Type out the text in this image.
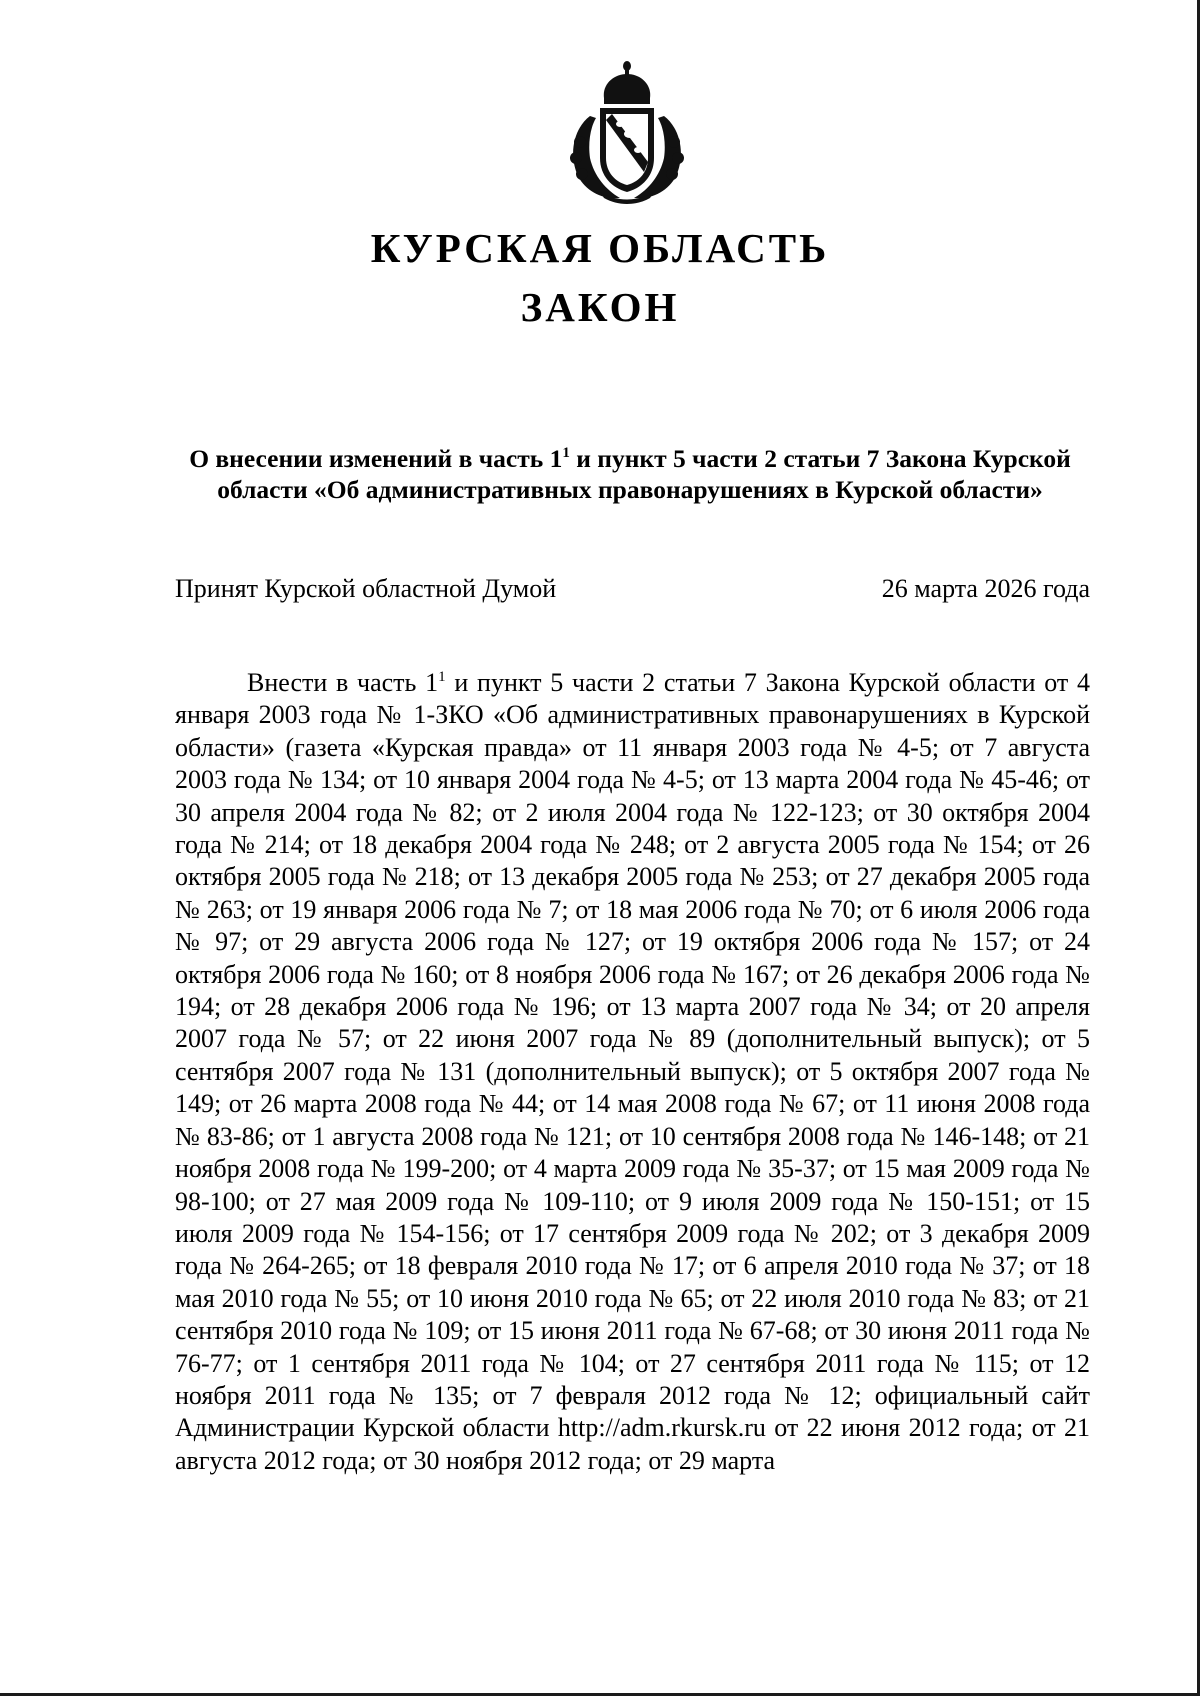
КУРСКАЯ ОБЛАСТЬ
ЗАКОН
О внесении изменений в часть $1^1$ и пункт 5 части 2 статьи 7 Закона Курской области «Об административных правонарушениях в Курской области»
Принят Курской областной Думой	26 марта 2026 года

Внести в часть $1^1$ и пункт 5 части 2 статьи 7 Закона Курской области от 4 января 2003 года № 1-ЗКО «Об административных правонарушениях в Курской области» (газета «Курская правда» от 11 января 2003 года № 4-5; от 7 августа 2003 года № 134; от 10 января 2004 года № 4-5; от 13 марта 2004 года № 45-46; от 30 апреля 2004 года № 82; от 2 июля 2004 года № 122-123; от 30 октября 2004 года № 214; от 18 декабря 2004 года № 248; от 2 августа 2005 года № 154; от 26 октября 2005 года № 218; от 13 декабря 2005 года № 253; от 27 декабря 2005 года № 263; от 19 января 2006 года № 7; от 18 мая 2006 года № 70; от 6 июля 2006 года № 97; от 29 августа 2006 года № 127; от 19 октября 2006 года № 157; от 24 октября 2006 года № 160; от 8 ноября 2006 года № 167; от 26 декабря 2006 года № 194; от 28 декабря 2006 года № 196; от 13 марта 2007 года № 34; от 20 апреля 2007 года № 57; от 22 июня 2007 года № 89 (дополнительный выпуск); от 5 сентября 2007 года № 131 (дополнительный выпуск); от 5 октября 2007 года № 149; от 26 марта 2008 года № 44; от 14 мая 2008 года № 67; от 11 июня 2008 года № 83-86; от 1 августа 2008 года № 121; от 10 сентября 2008 года № 146-148; от 21 ноября 2008 года № 199-200; от 4 марта 2009 года № 35-37; от 15 мая 2009 года № 98-100; от 27 мая 2009 года № 109-110; от 9 июля 2009 года № 150-151; от 15 июля 2009 года № 154-156; от 17 сентября 2009 года № 202; от 3 декабря 2009 года № 264-265; от 18 февраля 2010 года № 17; от 6 апреля 2010 года № 37; от 18 мая 2010 года № 55; от 10 июня 2010 года № 65; от 22 июля 2010 года № 83; от 21 сентября 2010 года № 109; от 15 июня 2011 года № 67-68; от 30 июня 2011 года № 76-77; от 1 сентября 2011 года № 104; от 27 сентября 2011 года № 115; от 12 ноября 2011 года № 135; от 7 февраля 2012 года № 12; официальный сайт Администрации Курской области http://adm.rkursk.ru от 22 июня 2012 года; от 21 августа 2012 года; от 30 ноября 2012 года; от 29 марта
